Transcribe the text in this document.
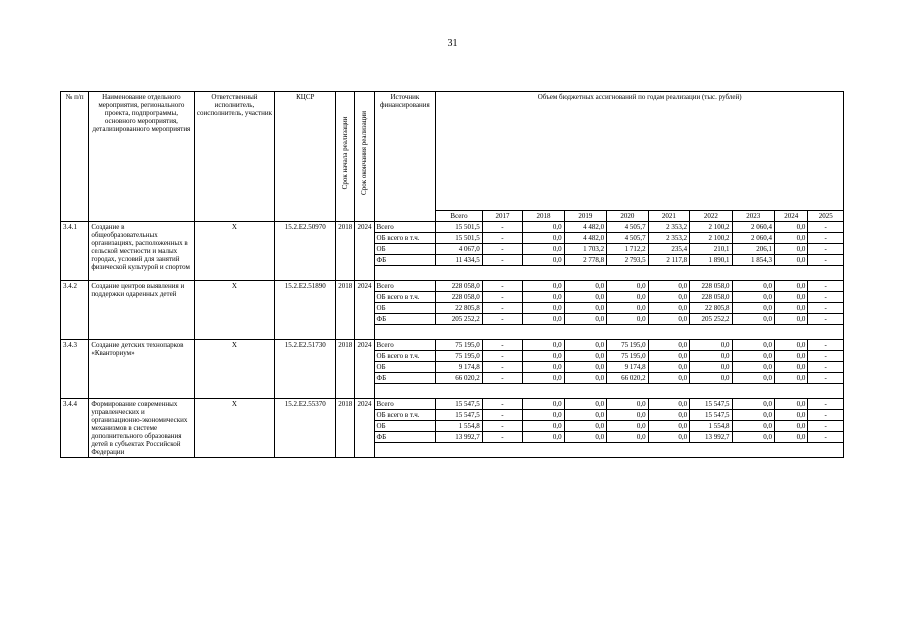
31
№ п/п	Наименование отдельного мероприятия, регионального проекта, подпрограммы, основного мероприятия, детализированного мероприятия	Ответственный исполнитель, соисполнитель, участник	КЦСР	Срок начала реализации	Срок окончания реализации	Источник финансирования	Объем бюджетных ассигнований по годам реализации (тыс. рублей)									
							Всего	2017	2018	2019	2020	2021	2022	2023	2024	2025
3.4.1	Создание в общеобразовательных организациях, расположенных в сельской местности и малых городах, условий для занятий физической культурой и спортом	Х	15.2.Е2.50970	2018	2024	Всего	15 501,5	-	0,0	4 482,0	4 505,7	2 353,2	2 100,2	2 060,4	0,0	-
						ОБ всего в т.ч.	15 501,5	-	0,0	4 482,0	4 505,7	2 353,2	2 100,2	2 060,4	0,0	-
						ОБ	4 067,0	-	0,0	1 703,2	1 712,2	235,4	210,1	206,1	0,0	-
						ФБ	11 434,5	-	0,0	2 778,8	2 793,5	2 117,8	1 890,1	1 854,3	0,0	-

3.4.2	Создание центров выявления и поддержки одаренных детей	Х	15.2.Е2.51890	2018	2024	Всего	228 058,0	-	0,0	0,0	0,0	0,0	228 058,0	0,0	0,0	-
						ОБ всего в т.ч.	228 058,0	-	0,0	0,0	0,0	0,0	228 058,0	0,0	0,0	-
						ОБ	22 805,8	-	0,0	0,0	0,0	0,0	22 805,8	0,0	0,0	-
						ФБ	205 252,2	-	0,0	0,0	0,0	0,0	205 252,2	0,0	0,0	-

3.4.3	Создание детских технопарков «Кванториум»	Х	15.2.Е2.51730	2018	2024	Всего	75 195,0	-	0,0	0,0	75 195,0	0,0	0,0	0,0	0,0	-
						ОБ всего в т.ч.	75 195,0	-	0,0	0,0	75 195,0	0,0	0,0	0,0	0,0	-
						ОБ	9 174,8	-	0,0	0,0	9 174,8	0,0	0,0	0,0	0,0	-
						ФБ	66 020,2	-	0,0	0,0	66 020,2	0,0	0,0	0,0	0,0	-

3.4.4	Формирование современных управленческих и организационно-экономических механизмов в системе дополнительного образования детей в субъектах Российской Федерации	Х	15.2.Е2.55370	2018	2024	Всего	15 547,5	-	0,0	0,0	0,0	0,0	15 547,5	0,0	0,0	-
						ОБ всего в т.ч.	15 547,5	-	0,0	0,0	0,0	0,0	15 547,5	0,0	0,0	-
						ОБ	1 554,8	-	0,0	0,0	0,0	0,0	1 554,8	0,0	0,0	-
						ФБ	13 992,7	-	0,0	0,0	0,0	0,0	13 992,7	0,0	0,0	-
